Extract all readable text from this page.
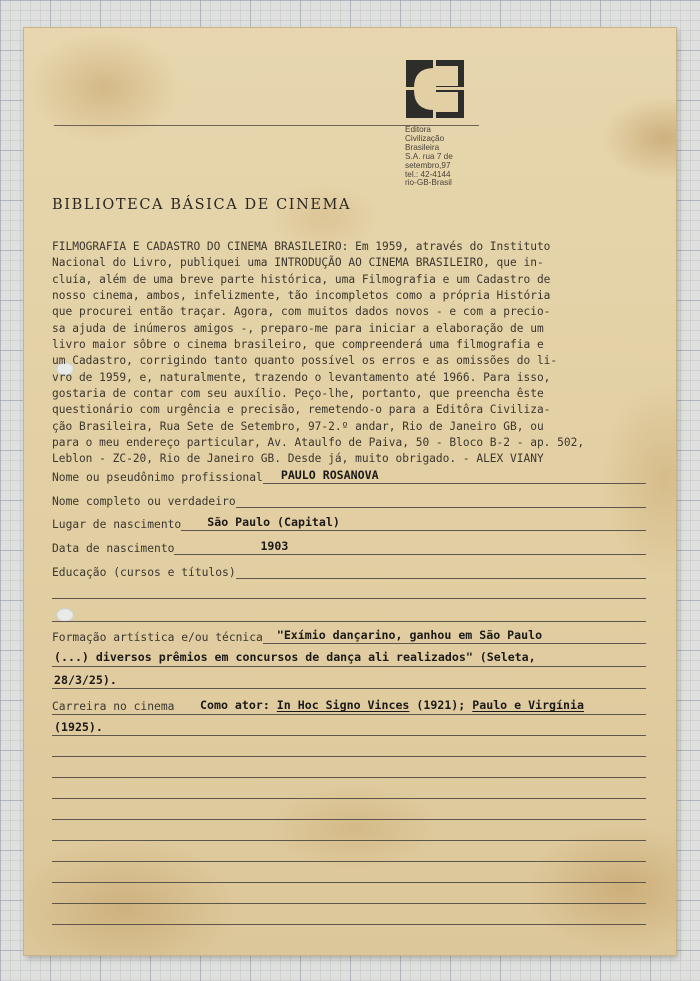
Editora
Civilização
Brasileira
S.A. rua 7 de
setembro,97
tel.: 42-4144
rio-GB-Brasil
BIBLIOTECA BÁSICA DE CINEMA
FILMOGRAFIA E CADASTRO DO CINEMA BRASILEIRO: Em 1959, através do Instituto
Nacional do Livro, publiquei uma INTRODUÇÃO AO CINEMA BRASILEIRO, que in-
cluía, além de uma breve parte histórica, uma Filmografia e um Cadastro de
nosso cinema, ambos, infelizmente, tão incompletos como a própria História
que procurei então traçar. Agora, com muitos dados novos - e com a precio-
sa ajuda de inúmeros amigos -, preparo-me para iniciar a elaboração de um
livro maior sôbre o cinema brasileiro, que compreenderá uma filmografia e
um Cadastro, corrigindo tanto quanto possível os erros e as omissões do li-
vro de 1959, e, naturalmente, trazendo o levantamento até 1966. Para isso,
gostaria de contar com seu auxílio. Peço-lhe, portanto, que preencha êste
questionário com urgência e precisão, remetendo-o para a Editôra Civiliza-
ção Brasileira, Rua Sete de Setembro, 97-2.º andar, Rio de Janeiro GB, ou
para o meu endereço particular, Av. Ataulfo de Paiva, 50 - Bloco B-2 - ap. 502,
Leblon - ZC-20, Rio de Janeiro GB. Desde já, muito obrigado. - ALEX VIANY
Nome ou pseudônimo profissional PAULO ROSANOVA
Nome completo ou verdadeiro
Lugar de nascimento São Paulo (Capital)
Data de nascimento	1903
Educação (cursos e títulos)
Formação artística e/ou técnica "Exímio dançarino, ganhou em São Paulo
(...) diversos prêmios em concursos de dança ali realizados" (Seleta,
28/3/25).
Carreira no cinema Como ator: In Hoc Signo Vinces (1921); Paulo e Virgínia
(1925).
